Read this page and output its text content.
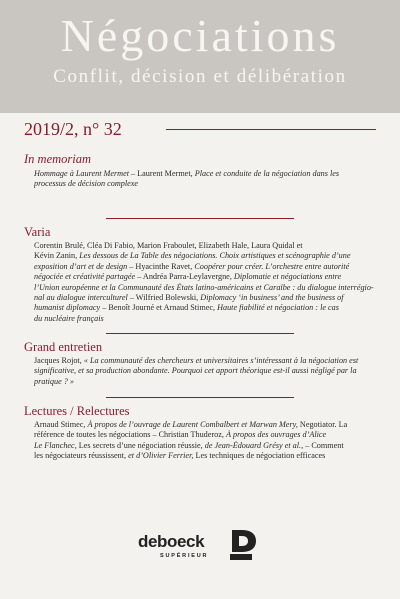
Négociations
Conflit, décision et délibération
2019/2, n° 32
In memoriam
Hommage à Laurent Mermet – Laurent Mermet, Place et conduite de la négociation dans les
processus de décision complexe
Varia
Corentin Brulé, Cléa Di Fabio, Marion Fraboulet, Elizabeth Hale, Laura Quidal et
Kévin Zanin, Les dessous de La Table des négociations. Choix artistiques et scénographie d’une
exposition d’art et de design – Hyacinthe Ravet, Coopérer pour créer. L’orchestre entre autorité
négociée et créativité partagée – Andréa Parra-Leylavergne, Diplomatie et négociations entre
l’Union européenne et la Communauté des États latino-américains et Caraïbe : du dialogue interrégio-
nal au dialogue interculturel – Wilfried Bolewski, Diplomacy ‘in business’ and the business of
humanist diplomacy – Benoît Journé et Arnaud Stimec, Haute fiabilité et négociation : le cas
du nucléaire français
Grand entretien
Jacques Rojot, « La communauté des chercheurs et universitaires s’intéressant à la négociation est
significative, et sa production abondante. Pourquoi cet apport théorique est-il aussi négligé par la
pratique ? »
Lectures / Relectures
Arnaud Stimec, À propos de l’ouvrage de Laurent Combalbert et Marwan Mery, Negotiator. La
référence de toutes les négociations – Christian Thuderoz, À propos des ouvrages d’Alice
Le Flanchec, Les secrets d’une négociation réussie, de Jean-Édouard Grésy et al., – Comment
les négociateurs réussissent, et d’Olivier Ferrier, Les techniques de négociation efficaces
deboeck
SUPÉRIEUR
